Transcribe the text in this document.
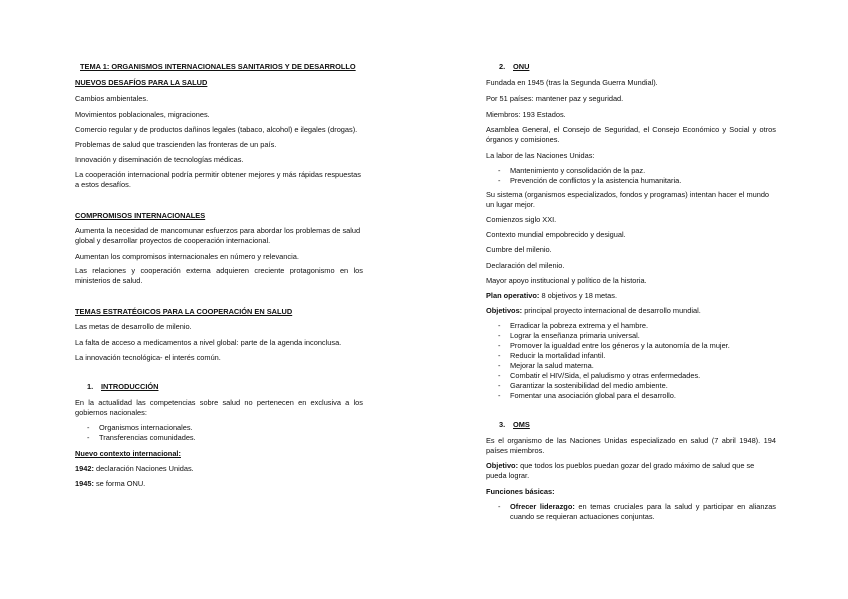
TEMA 1: ORGANISMOS INTERNACIONALES SANITARIOS Y DE DESARROLLO
NUEVOS DESAFÍOS PARA LA SALUD
Cambios ambientales.
Movimientos poblacionales, migraciones.
Comercio regular y de productos dañinos legales (tabaco, alcohol) e ilegales (drogas).
Problemas de salud que trascienden las fronteras de un país.
Innovación y diseminación de tecnologías médicas.
La cooperación internacional podría permitir obtener mejores y más rápidas respuestas a estos desafíos.
COMPROMISOS INTERNACIONALES
Aumenta la necesidad de mancomunar esfuerzos para abordar los problemas de salud global y desarrollar proyectos de cooperación internacional.
Aumentan los compromisos internacionales en número y relevancia.
Las relaciones y cooperación externa adquieren creciente protagonismo en los ministerios de salud.
TEMAS ESTRATÉGICOS PARA LA COOPERACIÓN EN SALUD
Las metas de desarrollo de milenio.
La falta de acceso a medicamentos a nivel global: parte de la agenda inconclusa.
La innovación tecnológica- el interés común.
1. INTRODUCCIÓN
En la actualidad las competencias sobre salud no pertenecen en exclusiva a los gobiernos nacionales:
- Organismos internacionales.
- Transferencias comunidades.
Nuevo contexto internacional:
1942: declaración Naciones Unidas.
1945: se forma ONU.
2. ONU
Fundada en 1945 (tras la Segunda Guerra Mundial).
Por 51 países: mantener paz y seguridad.
Miembros: 193 Estados.
Asamblea General, el Consejo de Seguridad, el Consejo Económico y Social y otros órganos y comisiones.
La labor de las Naciones Unidas:
- Mantenimiento y consolidación de la paz.
- Prevención de conflictos y la asistencia humanitaria.
Su sistema (organismos especializados, fondos y programas) intentan hacer el mundo un lugar mejor.
Comienzos siglo XXI.
Contexto mundial empobrecido y desigual.
Cumbre del milenio.
Declaración del milenio.
Mayor apoyo institucional y político de la historia.
Plan operativo: 8 objetivos y 18 metas.
Objetivos: principal proyecto internacional de desarrollo mundial.
- Erradicar la pobreza extrema y el hambre.
- Lograr la enseñanza primaria universal.
- Promover la igualdad entre los géneros y la autonomía de la mujer.
- Reducir la mortalidad infantil.
- Mejorar la salud materna.
- Combatir el HIV/Sida, el paludismo y otras enfermedades.
- Garantizar la sostenibilidad del medio ambiente.
- Fomentar una asociación global para el desarrollo.
3. OMS
Es el organismo de las Naciones Unidas especializado en salud (7 abril 1948). 194 países miembros.
Objetivo: que todos los pueblos puedan gozar del grado máximo de salud que se pueda lograr.
Funciones básicas:
- Ofrecer liderazgo: en temas cruciales para la salud y participar en alianzas cuando se requieran actuaciones conjuntas.
